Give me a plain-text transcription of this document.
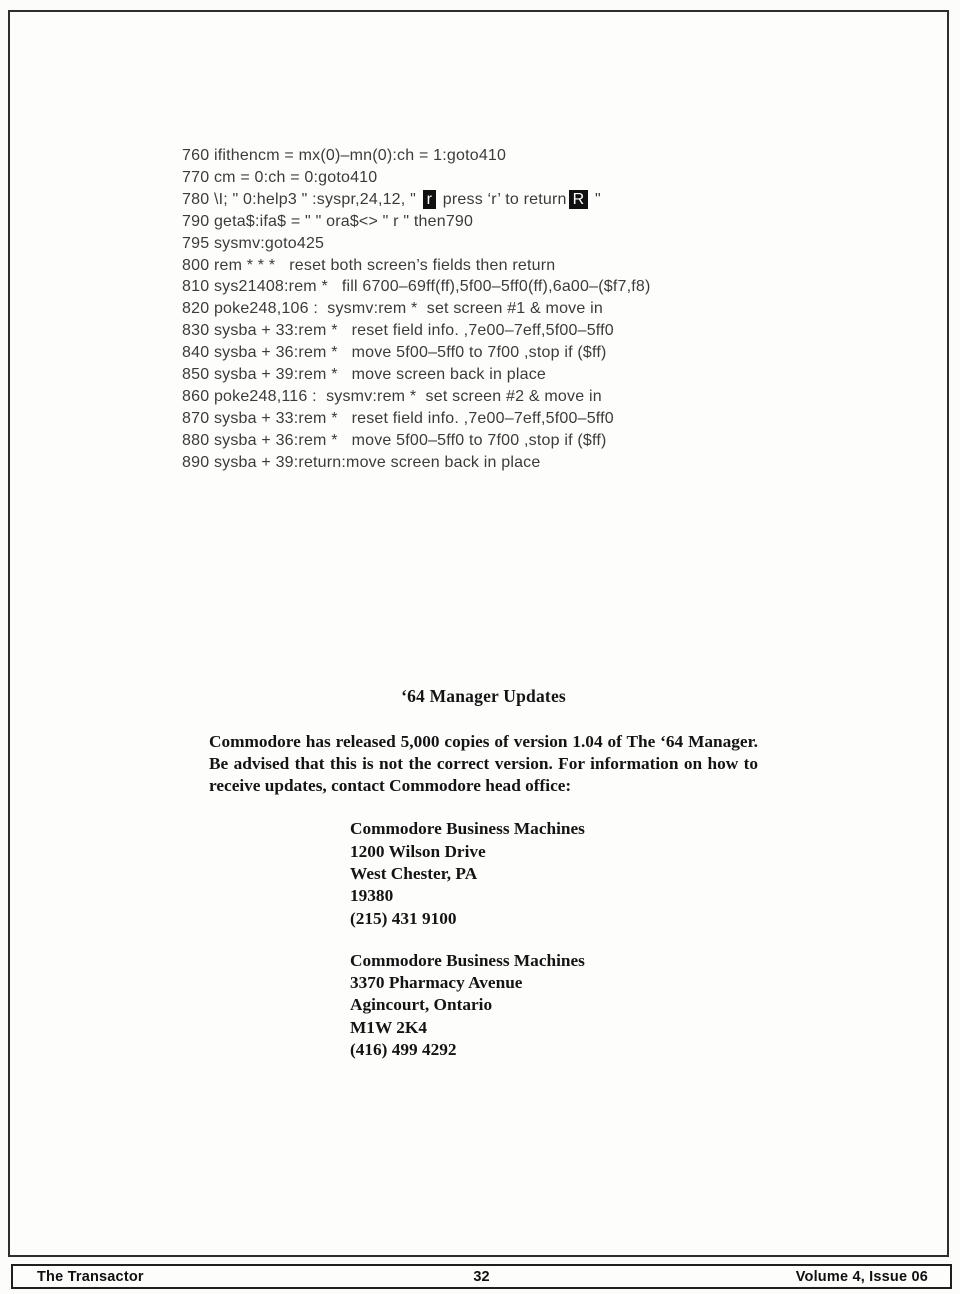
760 ifithencm = mx(0)–mn(0):ch = 1:goto410
770 cm = 0:ch = 0:goto410
780 \I; " 0:help3 " :syspr,24,12, " r press ‘r’ to return R "
790 geta$:ifa$ = " " ora$<> " r " then790
795 sysmv:goto425
800 rem * * *   reset both screen’s fields then return
810 sys21408:rem *   fill 6700–69ff(ff),5f00–5ff0(ff),6a00–($f7,f8)
820 poke248,106 :  sysmv:rem *  set screen #1 & move in
830 sysba + 33:rem *   reset field info. ,7e00–7eff,5f00–5ff0
840 sysba + 36:rem *   move 5f00–5ff0 to 7f00 ,stop if ($ff)
850 sysba + 39:rem *   move screen back in place
860 poke248,116 :  sysmv:rem *  set screen #2 & move in
870 sysba + 33:rem *   reset field info. ,7e00–7eff,5f00–5ff0
880 sysba + 36:rem *   move 5f00–5ff0 to 7f00 ,stop if ($ff)
890 sysba + 39:return:move screen back in place
‘64 Manager Updates

Commodore has released 5,000 copies of version 1.04 of The ‘64 Manager. Be advised that this is not the correct version. For information on how to receive updates, contact Commodore head office:

Commodore Business Machines
1200 Wilson Drive
West Chester, PA
19380
(215) 431 9100
Commodore Business Machines
3370 Pharmacy Avenue
Agincourt, Ontario
M1W 2K4
(416) 499 4292
The Transactor	32	Volume 4, Issue 06
